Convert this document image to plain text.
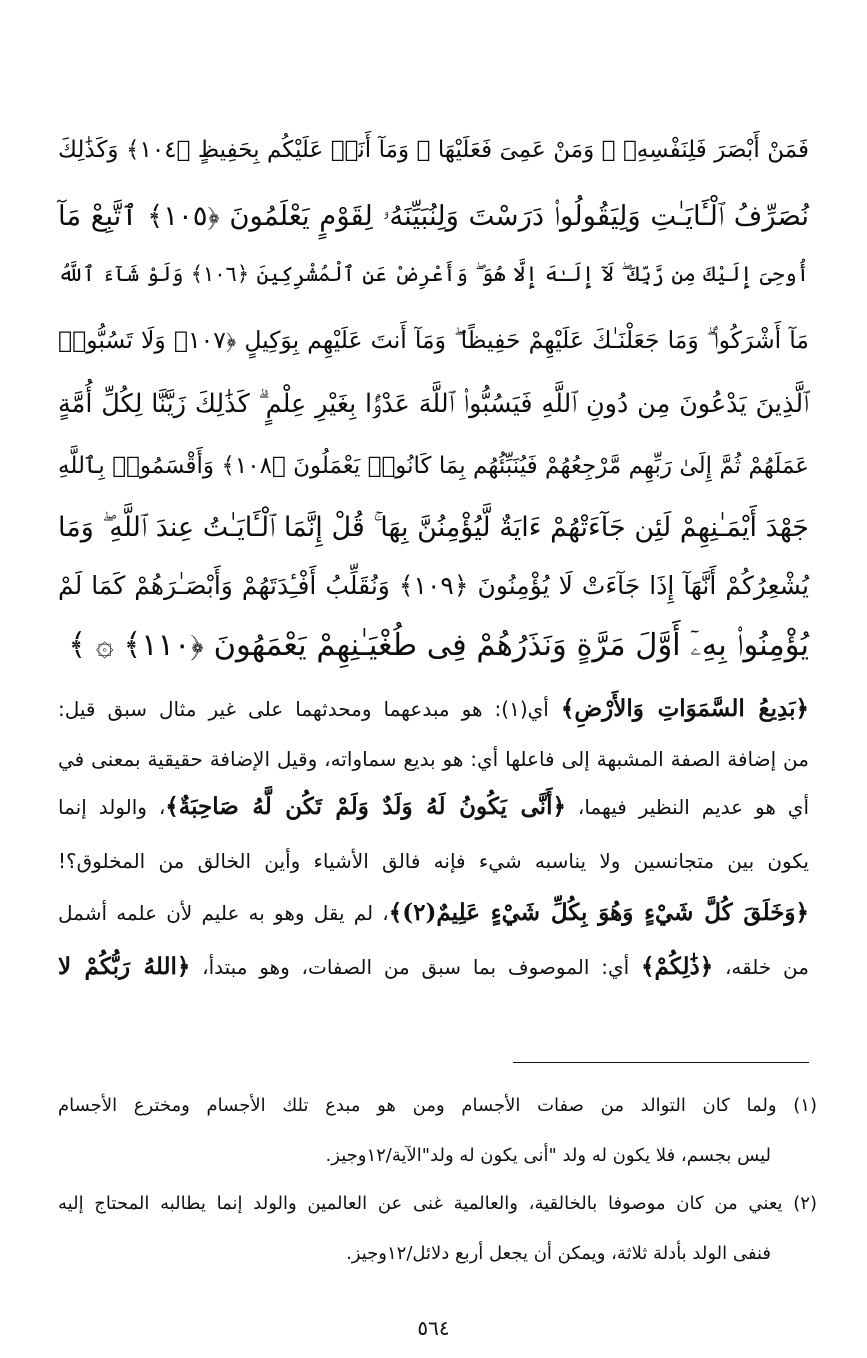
فَمَنْ أَبْصَرَ فَلِنَفْسِهِۦ ۖ وَمَنْ عَمِىَ فَعَلَيْهَا ۚ وَمَآ أَنَا۠ عَلَيْكُم بِحَفِيظٍ ﴿١٠٤﴾ وَكَذَٰلِكَ
نُصَرِّفُ ٱلْـَٔايَـٰتِ وَلِيَقُولُوا۟ دَرَسْتَ وَلِنُبَيِّنَهُۥ لِقَوْمٍ يَعْلَمُونَ ﴿١٠٥﴾ ٱتَّبِعْ مَآ
أُوحِىَ إِلَيْكَ مِن رَّبِّكَ ۖ لَآ إِلَـٰهَ إِلَّا هُوَ ۖ وَأَعْرِضْ عَنِ ٱلْمُشْرِكِينَ ﴿١٠٦﴾ وَلَوْ شَآءَ ٱللَّهُ
مَآ أَشْرَكُوا۟ ۗ وَمَا جَعَلْنَـٰكَ عَلَيْهِمْ حَفِيظًا ۖ وَمَآ أَنتَ عَلَيْهِم بِوَكِيلٍ ﴿١٠٧﴾ وَلَا تَسُبُّوا۟
ٱلَّذِينَ يَدْعُونَ مِن دُونِ ٱللَّهِ فَيَسُبُّوا۟ ٱللَّهَ عَدْوًۢا بِغَيْرِ عِلْمٍ ۗ كَذَٰلِكَ زَيَّنَّا لِكُلِّ أُمَّةٍ
عَمَلَهُمْ ثُمَّ إِلَىٰ رَبِّهِم مَّرْجِعُهُمْ فَيُنَبِّئُهُم بِمَا كَانُوا۟ يَعْمَلُونَ ﴿١٠٨﴾ وَأَقْسَمُوا۟ بِٱللَّهِ
جَهْدَ أَيْمَـٰنِهِمْ لَئِن جَآءَتْهُمْ ءَايَةٌ لَّيُؤْمِنُنَّ بِهَا ۚ قُلْ إِنَّمَا ٱلْـَٔايَـٰتُ عِندَ ٱللَّهِ ۖ وَمَا
يُشْعِرُكُمْ أَنَّهَآ إِذَا جَآءَتْ لَا يُؤْمِنُونَ ﴿١٠٩﴾ وَنُقَلِّبُ أَفْـِٔدَتَهُمْ وَأَبْصَـٰرَهُمْ كَمَا لَمْ
يُؤْمِنُوا۟ بِهِۦٓ أَوَّلَ مَرَّةٍ وَنَذَرُهُمْ فِى طُغْيَـٰنِهِمْ يَعْمَهُونَ ﴿١١٠﴾ ۞ ﴾
﴿بَدِيعُ السَّمَوَاتِ وَالأَرْضِ﴾ أي(١): هو مبدعهما ومحدثهما على غير مثال سبق قيل:
من إضافة الصفة المشبهة إلى فاعلها أي: هو بديع سماواته، وقيل الإضافة حقيقية بمعنى في
أي هو عديم النظير فيهما، ﴿أَنَّى يَكُونُ لَهُ وَلَدٌ وَلَمْ تَكُن لَّهُ صَاحِبَةٌ﴾، والولد إنما
يكون بين متجانسين ولا يناسبه شيء فإنه فالق الأشياء وأين الخالق من المخلوق؟!
﴿وَخَلَقَ كُلَّ شَيْءٍ وَهُوَ بِكُلِّ شَيْءٍ عَلِيمٌ(٢)﴾، لم يقل وهو به عليم لأن علمه أشمل
من خلقه، ﴿ذَٰلِكُمْ﴾ أي: الموصوف بما سبق من الصفات، وهو مبتدأ، ﴿اللهُ رَبُّكُمْ لا
(١) ولما كان التوالد من صفات الأجسام ومن هو مبدع تلك الأجسام ومخترع الأجسام
ليس بجسم، فلا يكون له ولد "أنى يكون له ولد"الآية/١٢وجيز.
(٢) يعني من كان موصوفا بالخالقية، والعالمية غنى عن العالمين والولد إنما يطالبه المحتاج إليه
فنفى الولد بأدلة ثلاثة، ويمكن أن يجعل أربع دلائل/١٢وجيز.
٥٦٤
